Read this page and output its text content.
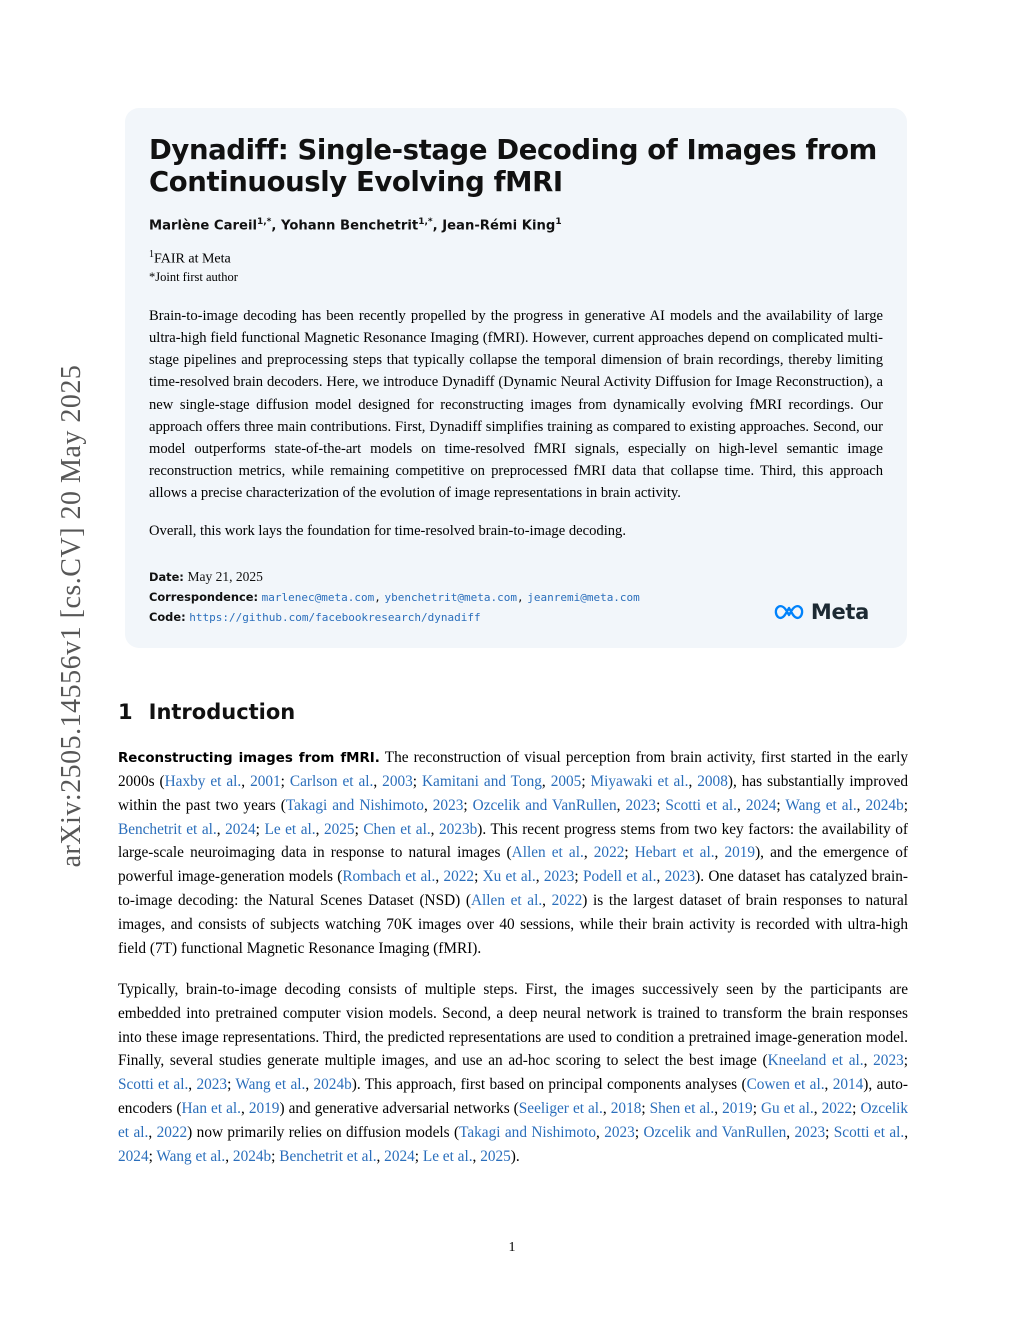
arXiv:2505.14556v1 [cs.CV] 20 May 2025
Dynadiff: Single-stage Decoding of Images from Continuously Evolving fMRI
Marlène Careil$^{1,*}$, Yohann Benchetrit$^{1,*}$, Jean-Rémi King$^1$
$^1$FAIR at Meta
*Joint first author

Brain-to-image decoding has been recently propelled by the progress in generative AI models and the availability of large ultra-high field functional Magnetic Resonance Imaging (fMRI). However, current approaches depend on complicated multi-stage pipelines and preprocessing steps that typically collapse the temporal dimension of brain recordings, thereby limiting time-resolved brain decoders. Here, we introduce Dynadiff (Dynamic Neural Activity Diffusion for Image Reconstruction), a new single-stage diffusion model designed for reconstructing images from dynamically evolving fMRI recordings. Our approach offers three main contributions. First, Dynadiff simplifies training as compared to existing approaches. Second, our model outperforms state-of-the-art models on time-resolved fMRI signals, especially on high-level semantic image reconstruction metrics, while remaining competitive on preprocessed fMRI data that collapse time. Third, this approach allows a precise characterization of the evolution of image representations in brain activity.

Overall, this work lays the foundation for time-resolved brain-to-image decoding.

Date: May 21, 2025
Correspondence: marlenec@meta.com, ybenchetrit@meta.com, jeanremi@meta.com
Code: https://github.com/facebookresearch/dynadiff	Meta
1 Introduction

Reconstructing images from fMRI. The reconstruction of visual perception from brain activity, first started in the early 2000s (Haxby et al., 2001; Carlson et al., 2003; Kamitani and Tong, 2005; Miyawaki et al., 2008), has substantially improved within the past two years (Takagi and Nishimoto, 2023; Ozcelik and VanRullen, 2023; Scotti et al., 2024; Wang et al., 2024b; Benchetrit et al., 2024; Le et al., 2025; Chen et al., 2023b). This recent progress stems from two key factors: the availability of large-scale neuroimaging data in response to natural images (Allen et al., 2022; Hebart et al., 2019), and the emergence of powerful image-generation models (Rombach et al., 2022; Xu et al., 2023; Podell et al., 2023). One dataset has catalyzed brain-to-image decoding: the Natural Scenes Dataset (NSD) (Allen et al., 2022) is the largest dataset of brain responses to natural images, and consists of subjects watching 70K images over 40 sessions, while their brain activity is recorded with ultra-high field (7T) functional Magnetic Resonance Imaging (fMRI).

Typically, brain-to-image decoding consists of multiple steps. First, the images successively seen by the participants are embedded into pretrained computer vision models. Second, a deep neural network is trained to transform the brain responses into these image representations. Third, the predicted representations are used to condition a pretrained image-generation model. Finally, several studies generate multiple images, and use an ad-hoc scoring to select the best image (Kneeland et al., 2023; Scotti et al., 2023; Wang et al., 2024b). This approach, first based on principal components analyses (Cowen et al., 2014), auto-encoders (Han et al., 2019) and generative adversarial networks (Seeliger et al., 2018; Shen et al., 2019; Gu et al., 2022; Ozcelik et al., 2022) now primarily relies on diffusion models (Takagi and Nishimoto, 2023; Ozcelik and VanRullen, 2023; Scotti et al., 2024; Wang et al., 2024b; Benchetrit et al., 2024; Le et al., 2025).

1
